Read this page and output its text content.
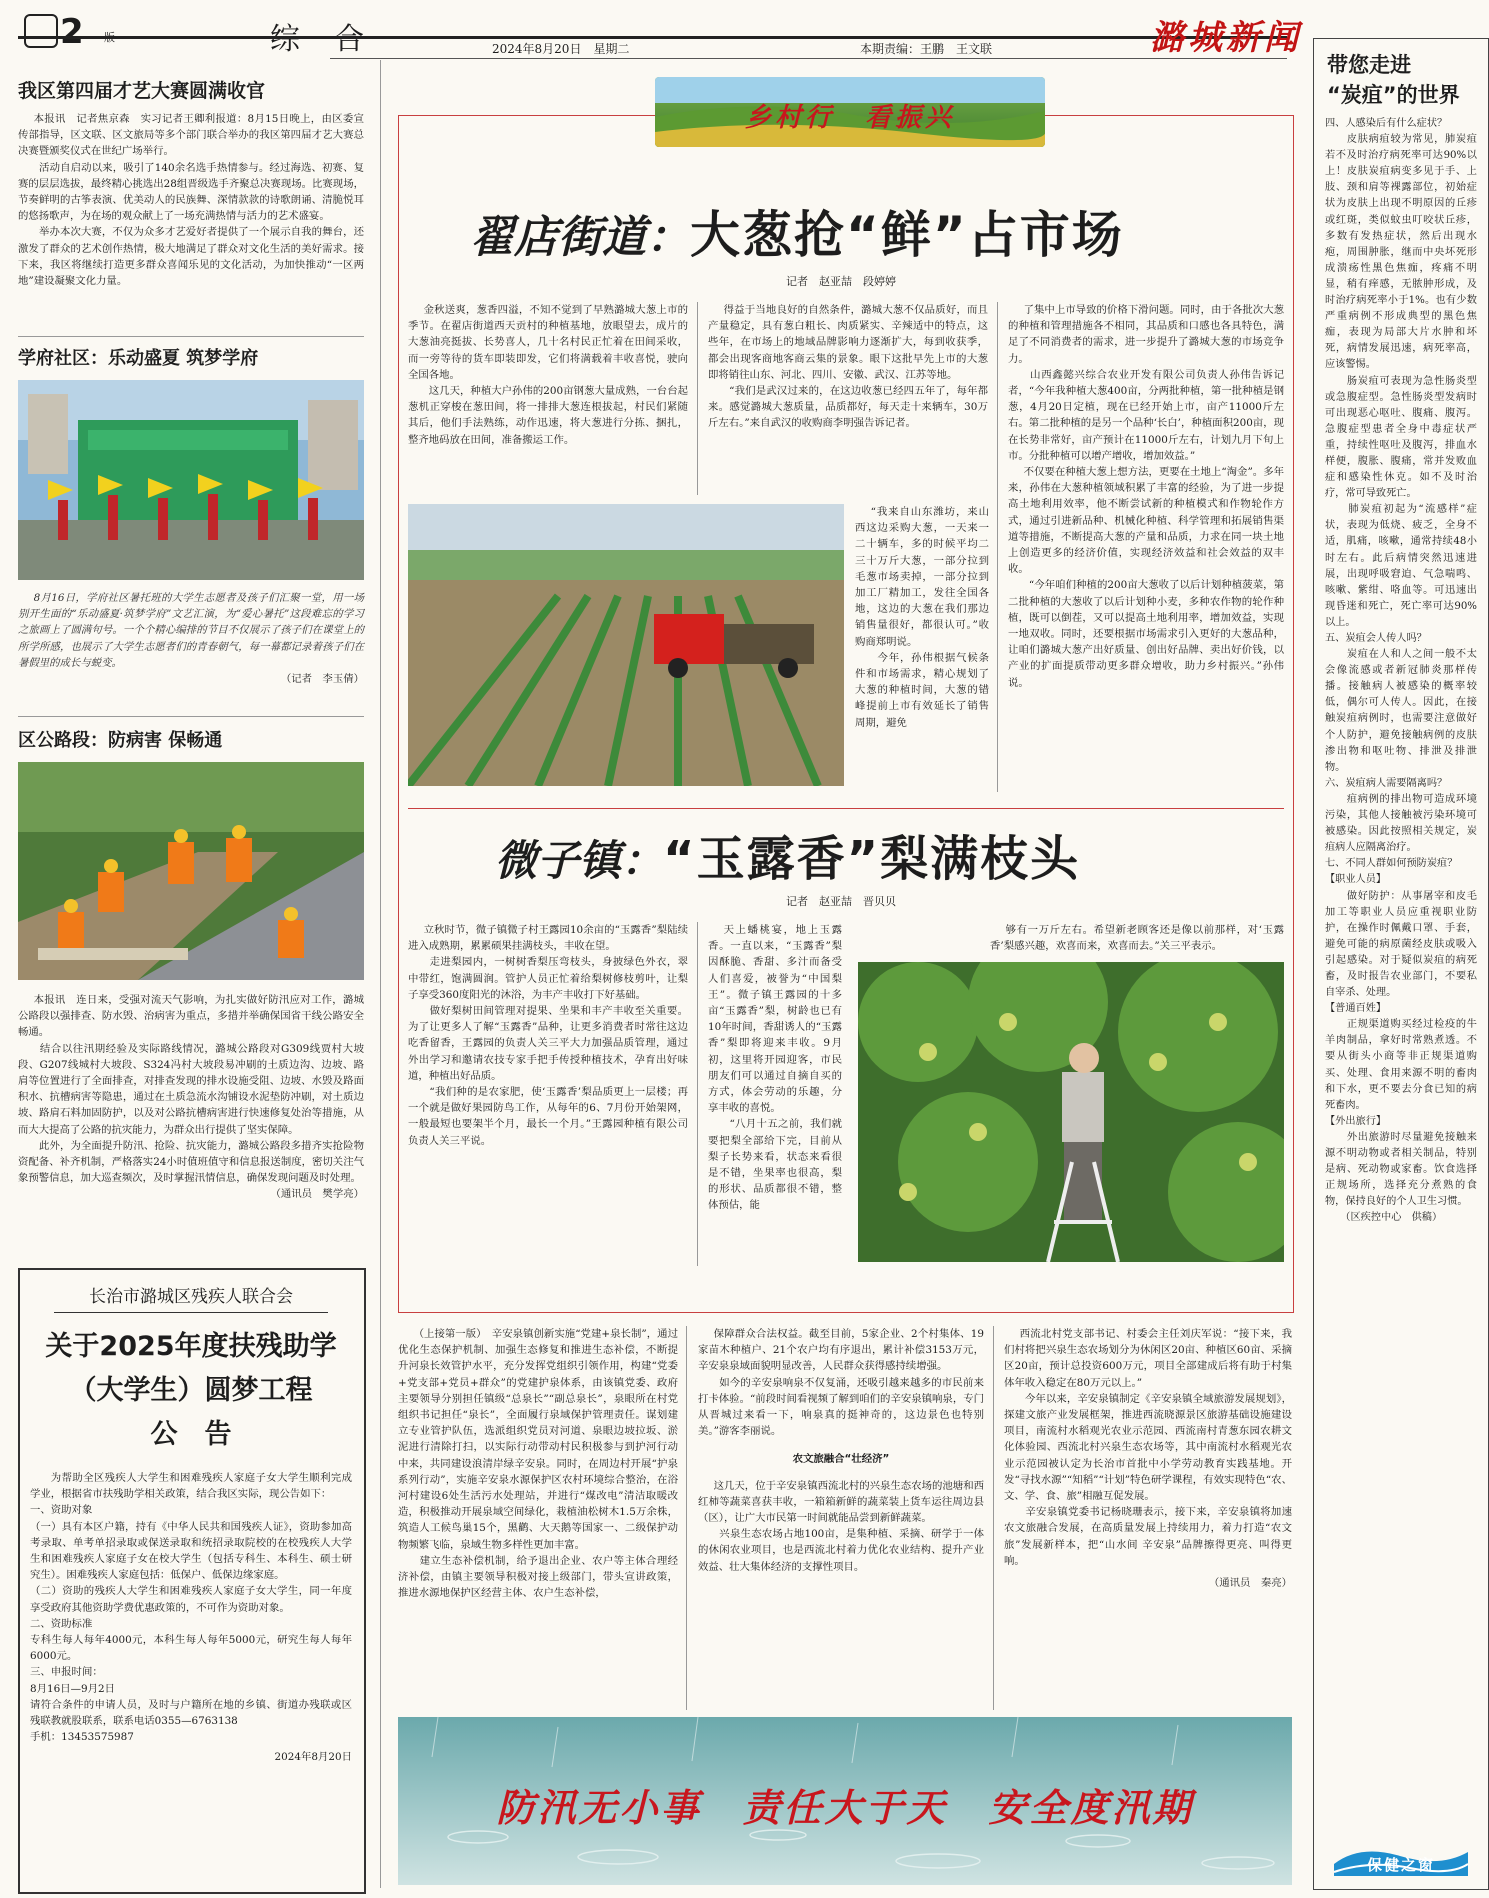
2 版	综合	2024年8月20日　星期二	本期责编：王鹏　王文联	潞城新闻

我区第四届才艺大赛圆满收官

本报讯　记者焦京森　实习记者王卿利报道：8月15日晚上，由区委宣传部指导，区文联、区文旅局等多个部门联合举办的我区第四届才艺大赛总决赛暨颁奖仪式在世纪广场举行。
　　活动自启动以来，吸引了140余名选手热情参与。经过海选、初赛、复赛的层层选拔，最终精心挑选出28组晋级选手齐聚总决赛现场。比赛现场，节奏鲜明的古筝表演、优美动人的民族舞、深情款款的诗歌朗诵、清脆悦耳的悠扬歌声，为在场的观众献上了一场充满热情与活力的艺术盛宴。
　　举办本次大赛，不仅为众多才艺爱好者提供了一个展示自我的舞台，还激发了群众的艺术创作热情，极大地满足了群众对文化生活的美好需求。接下来，我区将继续打造更多群众喜闻乐见的文化活动，为加快推动“一区两地”建设凝聚文化力量。

学府社区：乐动盛夏 筑梦学府

8月16日，学府社区暑托班的大学生志愿者及孩子们汇聚一堂，用一场别开生面的“乐动盛夏·筑梦学府”文艺汇演，为“爱心暑托”这段难忘的学习之旅画上了圆满句号。一个个精心编排的节目不仅展示了孩子们在课堂上的所学所感，也展示了大学生志愿者们的青春朝气，每一幕都记录着孩子们在暑假里的成长与蜕变。

（记者　李玉倩）

区公路段：防病害 保畅通

本报讯　连日来，受强对流天气影响，为扎实做好防汛应对工作，潞城公路段以强排查、防水毁、治病害为重点，多措并举确保国省干线公路安全畅通。
　　结合以往汛期经验及实际路线情况，潞城公路段对G309线贾村大坡段、G207线城村大坡段、S324冯村大坡段易冲刷的土质边沟、边坡、路肩等位置进行了全面排查，对排查发现的排水设施受阻、边坡、水毁及路面积水、抗槽病害等隐患，通过在土质急流水沟铺设水泥垫防冲刷，对土质边坡、路肩石料加固防护，以及对公路抗槽病害进行快速修复处治等措施，从而大大提高了公路的抗灾能力，为群众出行提供了坚实保障。
　　此外，为全面提升防汛、抢险、抗灾能力，潞城公路段多措齐实抢险物资配备、补齐机制，严格落实24小时值班值守和信息报送制度，密切关注气象预警信息，加大巡查频次，及时掌握汛情信息，确保发现问题及时处理。

（通讯员　樊学亮）

长治市潞城区残疾人联合会
关于2025年度扶残助学
（大学生）圆梦工程
公　告

为帮助全区残疾人大学生和困难残疾人家庭子女大学生顺利完成学业，根据省市扶残助学相关政策，结合我区实际，现公告如下：
一、资助对象
（一）具有本区户籍，持有《中华人民共和国残疾人证》，资助参加高考录取、单考单招录取或保送录取和统招录取院校的在校残疾人大学生和困难残疾人家庭子女在校大学生（包括专科生、本科生、硕士研究生）。困难残疾人家庭包括：低保户、低保边缘家庭。
（二）资助的残疾人大学生和困难残疾人家庭子女大学生，同一年度享受政府其他资助学费优惠政策的，不可作为资助对象。
二、资助标准
专科生每人每年4000元，本科生每人每年5000元，研究生每人每年6000元。
三、申报时间：
8月16日—9月2日
请符合条件的申请人员，及时与户籍所在地的乡镇、街道办残联或区残联教就股联系，联系电话0355—6763138
手机：13453575987

2024年8月20日

乡村行　看振兴
翟店街道：大葱抢“鲜”占市场
记者　赵亚喆　段婷婷

金秋送爽，葱香四溢，不知不觉到了早熟潞城大葱上市的季节。在翟店街道西天贡村的种植基地，放眼望去，成片的大葱油亮挺拔、长势喜人，几十名村民正忙着在田间采收，而一旁等待的货车即装即发，它们将满载着丰收喜悦，驶向全国各地。
　　这几天，种植大户孙伟的200亩钢葱大量成熟，一台台起葱机正穿梭在葱田间，将一排排大葱连根拔起，村民们紧随其后，他们手法熟练，动作迅速，将大葱进行分拣、捆扎，整齐地码放在田间，准备搬运工作。

得益于当地良好的自然条件，潞城大葱不仅品质好，而且产量稳定，具有葱白粗长、肉质紧实、辛辣适中的特点，这些年，在市场上的地域品牌影响力逐渐扩大，每到收获季，都会出现客商地客商云集的景象。眼下这批早先上市的大葱即将销往山东、河北、四川、安徽、武汉、江苏等地。
　　“我们是武汉过来的，在这边收葱已经四五年了，每年都来。感觉潞城大葱质量，品质都好，每天走十来辆车，30万斤左右。”来自武汉的收购商李明强告诉记者。

了集中上市导致的价格下滑问题。同时，由于各批次大葱的种植和管理措施各不相同，其品质和口感也各具特色，满足了不同消费者的需求，进一步提升了潞城大葱的市场竞争力。
　　山西鑫懿兴综合农业开发有限公司负责人孙伟告诉记者，“今年我种植大葱400亩，分两批种植，第一批种植是钢葱，4月20日定植，现在已经开始上市，亩产11000斤左右。第二批种植的是另一个品种‘长白’，种植面积200亩，现在长势非常好，亩产预计在11000斤左右，计划九月下旬上市。分批种植可以增产增收，增加效益。”

不仅要在种植大葱上想方法，更要在土地上“淘金”。多年来，孙伟在大葱种植领域积累了丰富的经验，为了进一步提高土地利用效率，他不断尝试新的种植模式和作物轮作方式，通过引进新品种、机械化种植、科学管理和拓展销售渠道等措施，不断提高大葱的产量和品质，力求在同一块土地上创造更多的经济价值，实现经济效益和社会效益的双丰收。
　　“今年咱们种植的200亩大葱收了以后计划种植菠菜，第二批种植的大葱收了以后计划种小麦，多种农作物的轮作种植，既可以倒茬，又可以提高土地利用率，增加效益，实现一地双收。同时，还要根据市场需求引入更好的大葱品种，让咱们潞城大葱产出好质量、创出好品牌、卖出好价钱，以产业的扩面提质带动更多群众增收，助力乡村振兴。”孙伟说。

“我来自山东潍坊，来山西这边采购大葱，一天来一二十辆车，多的时候平均二三十万斤大葱，一部分拉到毛葱市场卖掉，一部分拉到加工厂精加工，发往全国各地，这边的大葱在我们那边销售量很好，都很认可。”收购商郑明说。
　　今年，孙伟根据气候条件和市场需求，精心规划了大葱的种植时间，大葱的错峰提前上市有效延长了销售周期，避免

微子镇：“玉露香”梨满枝头
记者　赵亚喆　晋贝贝

立秋时节，微子镇微子村王露园10余亩的“玉露香”梨陆续进入成熟期，累累硕果挂满枝头，丰收在望。
　　走进梨园内，一树树香梨压弯枝头，身披绿色外衣，翠中带红，饱满圆润。管护人员正忙着给梨树修枝剪叶，让梨子享受360度阳光的沐浴，为丰产丰收打下好基础。
　　做好梨树田间管理对提果、坐果和丰产丰收至关重要。为了让更多人了解“玉露香”品种，让更多消费者时常往这边吃香留香，王露园的负责人关三平大力加强品质管理，通过外出学习和邀请农技专家手把手传授种植技术，孕育出好味道，种植出好品质。
　　“我们种的是农家肥，使‘玉露香’梨品质更上一层楼；再一个就是做好果园防鸟工作，从每年的6、7月份开始架网，一般最短也要架半个月，最长一个月。”王露园种植有限公司负责人关三平说。

天上蟠桃宴，地上玉露香。一直以来，“玉露香”梨因酥脆、香甜、多汁而备受人们喜爱，被誉为“中国梨王”。微子镇王露园的十多亩“玉露香”梨，树龄也已有10年时间，香甜诱人的“玉露香”梨即将迎来丰收。9月初，这里将开园迎客，市民朋友们可以通过自摘自买的方式，体会劳动的乐趣，分享丰收的喜悦。
　　“八月十五之前，我们就要把梨全部给下完，目前从梨子长势来看，状态来看很是不错，坐果率也很高，梨的形状、品质都很不错，整体预估，能

够有一万斤左右。希望新老顾客还是像以前那样，对‘玉露香’梨感兴趣，欢喜而来，欢喜而去。”关三平表示。

（上接第一版）　辛安泉镇创新实施“党建+泉长制”，通过优化生态保护机制、加强生态修复和推进生态补偿，不断提升河泉长效管护水平，充分发挥党组织引领作用，构建“党委+党支部+党员+群众”的党建护泉体系，由该镇党委、政府主要领导分别担任镇级“总泉长”“副总泉长”，泉眼所在村党组织书记担任“泉长”，全面履行泉域保护管理责任。谋划建立专业管护队伍，选派组织党员对河道、泉眼边坡拉坂、淤泥进行清除打扫，以实际行动带动村民积极参与到护河行动中来，共同建设浪清岸绿辛安泉。同时，在周边村开展“护泉系列行动”，实施辛安泉水源保护区农村环境综合整治，在浴河村建设6处生活污水处理站，并进行“煤改电”清洁取暖改造，积极推动开展泉域空间绿化，栽植油松树木1.5万余株，筑造人工候鸟巢15个，黑鹳、大天鹅等国家一、二级保护动物频繁飞临，泉域生物多样性更加丰富。
　　建立生态补偿机制，给予退出企业、农户等主体合理经济补偿，由镇主要领导积极对接上级部门，带头宣讲政策，推进水源地保护区经营主体、农户生态补偿，

保障群众合法权益。截至目前，5家企业、2个村集体、19家苗木种植户、21个农户均有序退出，累计补偿3153万元，辛安泉泉域面貌明显改善，人民群众获得感持续增强。
　　如今的辛安泉响泉不仅复涌，还吸引越来越多的市民前来打卡体验。“前段时间看视频了解到咱们的辛安泉镇响泉，专门从晋城过来看一下，响泉真的挺神奇的，这边景色也特别美。”游客李丽说。

农文旅融合“壮经济”

这几天，位于辛安泉镇西流北村的兴泉生态农场的池塘和西红柿等蔬菜喜获丰收，一箱箱新鲜的蔬菜装上货车运往周边县（区），让广大市民第一时间就能品尝到新鲜蔬菜。
　　兴泉生态农场占地100亩，是集种植、采摘、研学于一体的休闲农业项目，也是西流北村着力优化农业结构、提升产业效益、壮大集体经济的支撑性项目。

西流北村党支部书记、村委会主任刘庆军说：“接下来，我们村将把兴泉生态农场划分为休闲区20亩、种植区60亩、采摘区20亩，预计总投资600万元，项目全部建成后将有助于村集体年收入稳定在80万元以上。”
　　今年以来，辛安泉镇制定《辛安泉镇全域旅游发展规划》，探建文旅产业发展框架，推进西流晓源景区旅游基础设施建设项目，南流村水稻观光农业示范园、西流南村青葱东园农耕文化体验园、西流北村兴泉生态农场等，其中南流村水稻观光农业示范园被认定为长治市首批中小学劳动教育实践基地。开发“寻找水源”“知稻”“计划”特色研学课程，有效实现特色“农、文、学、食、旅”相融互促发展。
　　辛安泉镇党委书记杨晓珊表示，接下来，辛安泉镇将加速农文旅融合发展，在高质量发展上持续用力，着力打造“农文旅”发展新样本，把“山水间 辛安泉”品牌擦得更亮、叫得更响。

（通讯员　秦亮）

防汛无小事　责任大于天　安全度汛期
带您走进
“炭疽”的世界

四、人感染后有什么症状？
　　皮肤病疽较为常见，肺炭疽若不及时治疗病死率可达90%以上！皮肤炭疽病变多见于手、上肢、颈和肩等裸露部位，初始症状为皮肤上出现不明原因的丘疹或红斑，类似蚊虫叮咬状丘疹，多数有发热症状，然后出现水疱，周围肿胀，继而中央坏死形成溃疡性黑色焦痂，疼痛不明显，稍有痒感，无脓肿形成，及时治疗病死率小于1%。也有少数严重病例不形成典型的黑色焦痂，表现为局部大片水肿和坏死，病情发展迅速，病死率高，应该警惕。
　　肠炭疽可表现为急性肠炎型或急腹症型。急性肠炎型发病时可出现恶心呕吐、腹痛、腹泻。急腹症型患者全身中毒症状严重，持续性呕吐及腹泻，排血水样便，腹胀、腹痛，常并发败血症和感染性休克。如不及时治疗，常可导致死亡。
　　肺炭疽初起为“流感样”症状，表现为低烧、疲乏，全身不适，肌痛，咳嗽，通常持续48小时左右。此后病情突然迅速进展，出现呼吸窘迫、气急喘鸣、咳嗽、紫绀、咯血等。可迅速出现昏迷和死亡，死亡率可达90%以上。
五、炭疽会人传人吗？
　　炭疽在人和人之间一般不太会像流感或者新冠肺炎那样传播。接触病人被感染的概率较低，偶尔可人传人。因此，在接触炭疽病例时，也需要注意做好个人防护，避免接触病例的皮肤渗出物和呕吐物、排泄及排泄物。
六、炭疽病人需要隔离吗？
　　疽病例的排出物可造成环境污染，其他人接触被污染环境可被感染。因此按照相关规定，炭疽病人应隔离治疗。
七、不同人群如何预防炭疽？
【职业人员】
　　做好防护：从事屠宰和皮毛加工等职业人员应重视职业防护，在操作时佩戴口罩、手套，避免可能的病原菌经皮肤或吸入引起感染。对于疑似炭疽的病死畜，及时报告农业部门，不要私自宰杀、处理。
【普通百姓】
　　正规渠道购买经过检疫的牛羊肉制品，拿好时常熟煮透。不要从街头小商等非正规渠道购买、处理、食用来源不明的畜肉和下水，更不要去分食已知的病死畜肉。
【外出旅行】
　　外出旅游时尽量避免接触来源不明动物或者相关制品，特别是病、死动物或家畜。饮食选择正规场所，选择充分煮熟的食物，保持良好的个人卫生习惯。
　　（区疾控中心　供稿）

保健之窗
